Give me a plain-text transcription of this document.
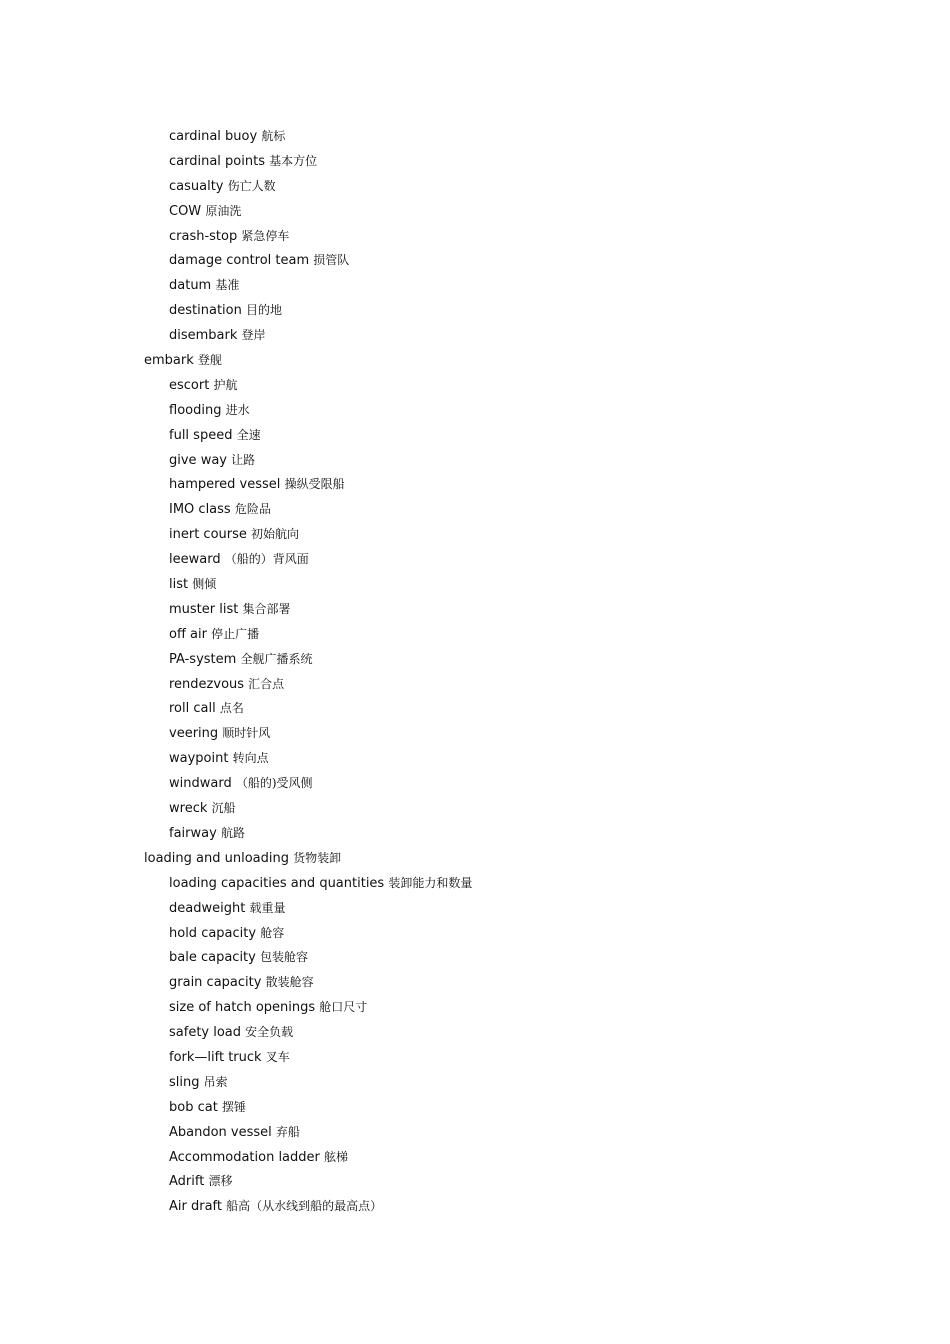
cardinal buoy 航标
cardinal points 基本方位
casualty 伤亡人数
COW 原油洗
crash-stop 紧急停车
damage control team 损管队
datum 基准
destination 目的地
disembark 登岸
embark 登舰
escort 护航
flooding 进水
full speed 全速
give way 让路
hampered vessel 操纵受限船
IMO class 危险品
inert course 初始航向
leeward （船的）背风面
list 侧倾
muster list 集合部署
off air 停止广播
PA-system 全舰广播系统
rendezvous 汇合点
roll call 点名
veering 顺时针风
waypoint 转向点
windward （船的)受风侧
wreck 沉船
fairway 航路
loading and unloading 货物装卸
loading capacities and quantities 装卸能力和数量
deadweight 载重量
hold capacity 舱容
bale capacity 包装舱容
grain capacity 散装舱容
size of hatch openings 舱口尺寸
safety load 安全负载
fork—lift truck 叉车
sling 吊索
bob cat 摆锤
Abandon vessel 弃船
Accommodation ladder 舷梯
Adrift 漂移
Air draft 船高（从水线到船的最高点）
